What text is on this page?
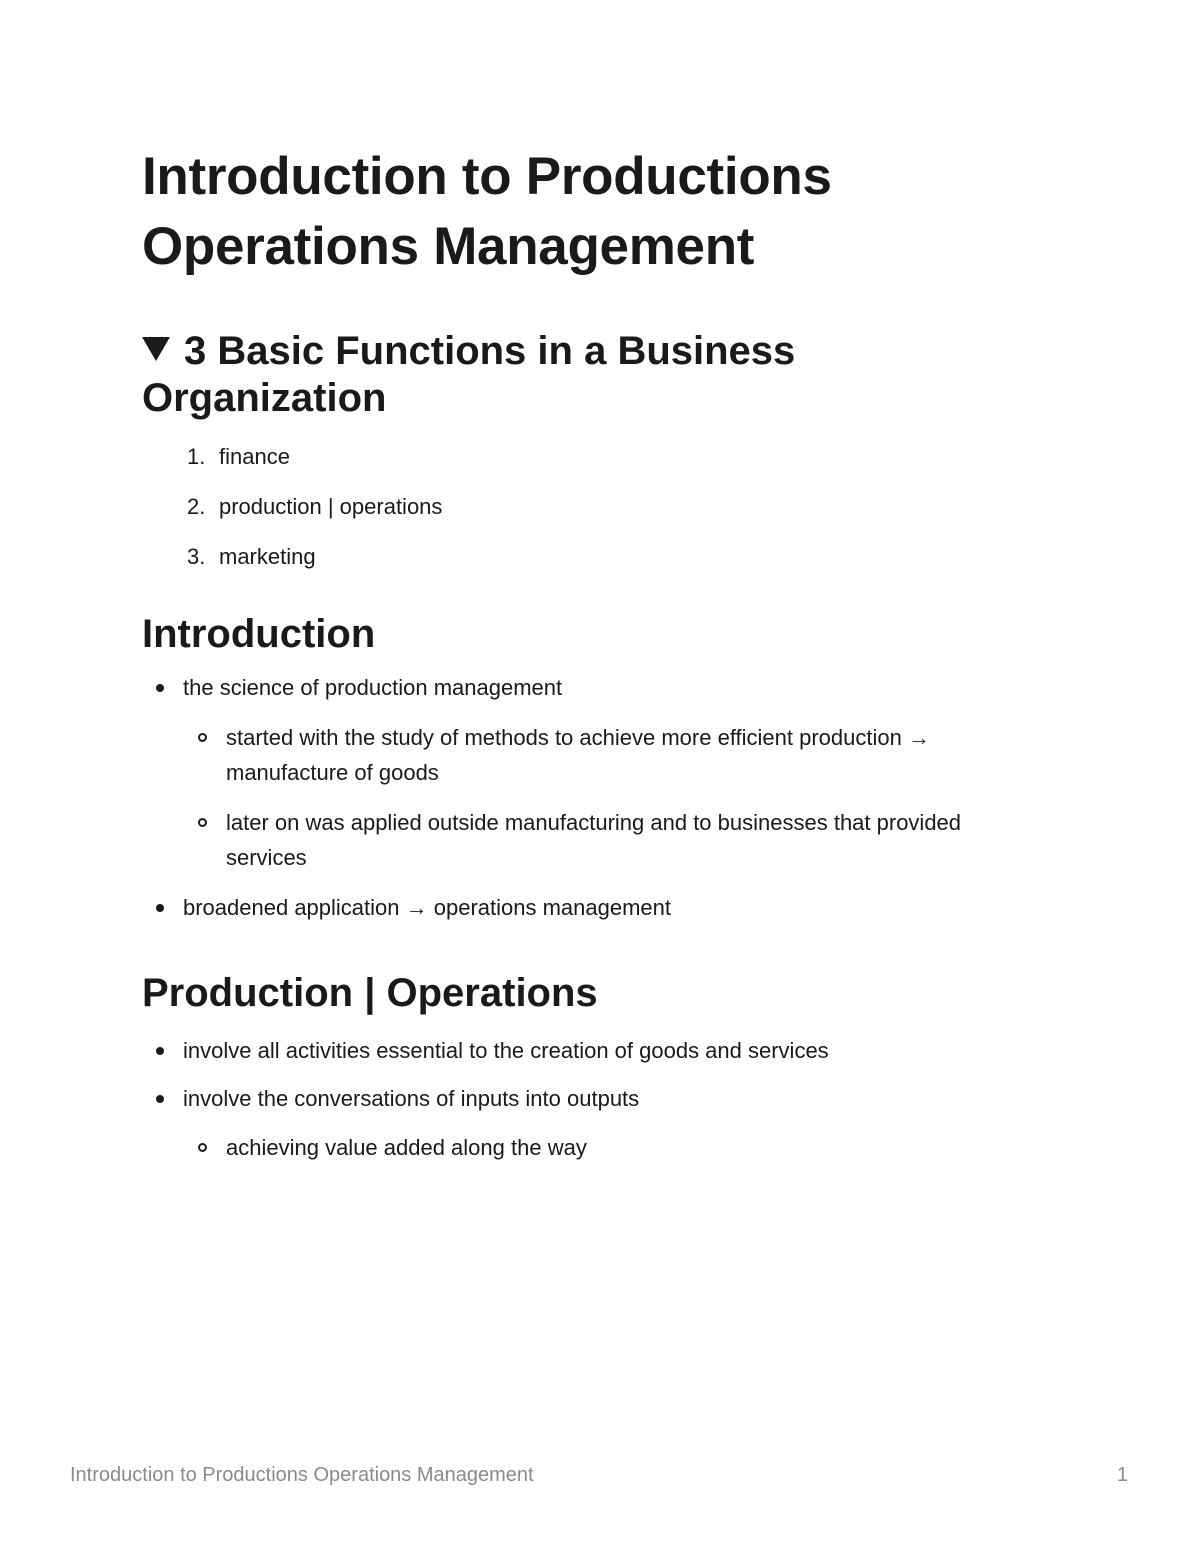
Introduction to Productions
Operations Management
3 Basic Functions in a Business
Organization
1. finance
2. production | operations
3. marketing
Introduction
the science of production management
started with the study of methods to achieve more efficient production → manufacture of goods
later on was applied outside manufacturing and to businesses that provided services
broadened application → operations management
Production | Operations
involve all activities essential to the creation of goods and services
involve the conversations of inputs into outputs
achieving value added along the way
Introduction to Productions Operations Management	1
